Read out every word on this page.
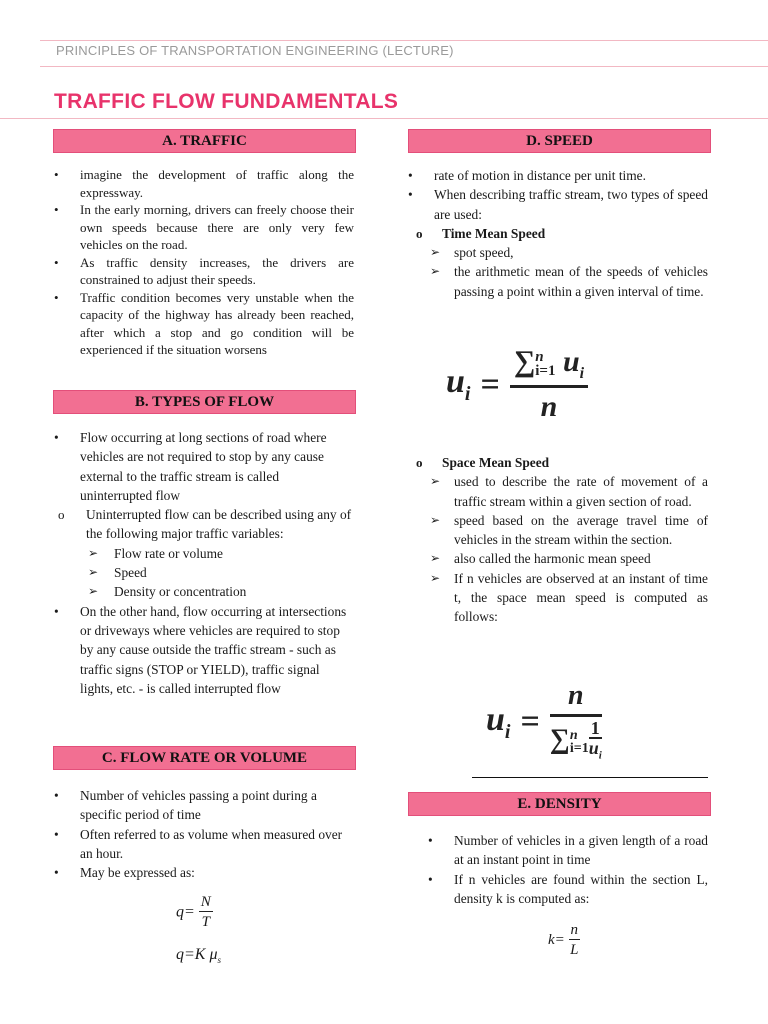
PRINCIPLES OF TRANSPORTATION ENGINEERING (LECTURE)
TRAFFIC FLOW FUNDAMENTALS
A. TRAFFIC
• imagine the development of traffic along the expressway.
• In the early morning, drivers can freely choose their own speeds because there are only very few vehicles on the road.
• As traffic density increases, the drivers are constrained to adjust their speeds.
• Traffic condition becomes very unstable when the capacity of the highway has already been reached, after which a stop and go condition will be experienced if the situation worsens
B. TYPES OF FLOW
• Flow occurring at long sections of road where vehicles are not required to stop by any cause external to the traffic stream is called uninterrupted flow
o Uninterrupted flow can be described using any of the following major traffic variables:
➢ Flow rate or volume
➢ Speed
➢ Density or concentration
• On the other hand, flow occurring at intersections or driveways where vehicles are required to stop by any cause outside the traffic stream - such as traffic signs (STOP or YIELD), traffic signal lights, etc. - is called interrupted flow
C. FLOW RATE OR VOLUME
• Number of vehicles passing a point during a specific period of time
• Often referred to as volume when measured over an hour.
• May be expressed as:
$q= \frac{N}{T}$
q=K $\mu_s$
D. SPEED
• rate of motion in distance per unit time.
• When describing traffic stream, two types of speed are used:
o Time Mean Speed
➢ spot speed,
➢ the arithmetic mean of the speeds of vehicles passing a point within a given interval of time.
$u_i$ = ∑ n
i=1 $u_i$
n
o Space Mean Speed
➢ used to describe the rate of movement of a traffic stream within a given section of road.
➢ speed based on the average travel time of vehicles in the stream within the section.
➢ also called the harmonic mean speed
➢ If n vehicles are observed at an instant of time t, the space mean speed is computed as follows:
$u_i = n$
∑ n
$i=1 \frac{1}{u_i}$
E. DENSITY
• Number of vehicles in a given length of a road at an instant point in time
• If n vehicles are found within the section L, density k is computed as:
$k= \frac{n}{L}$
